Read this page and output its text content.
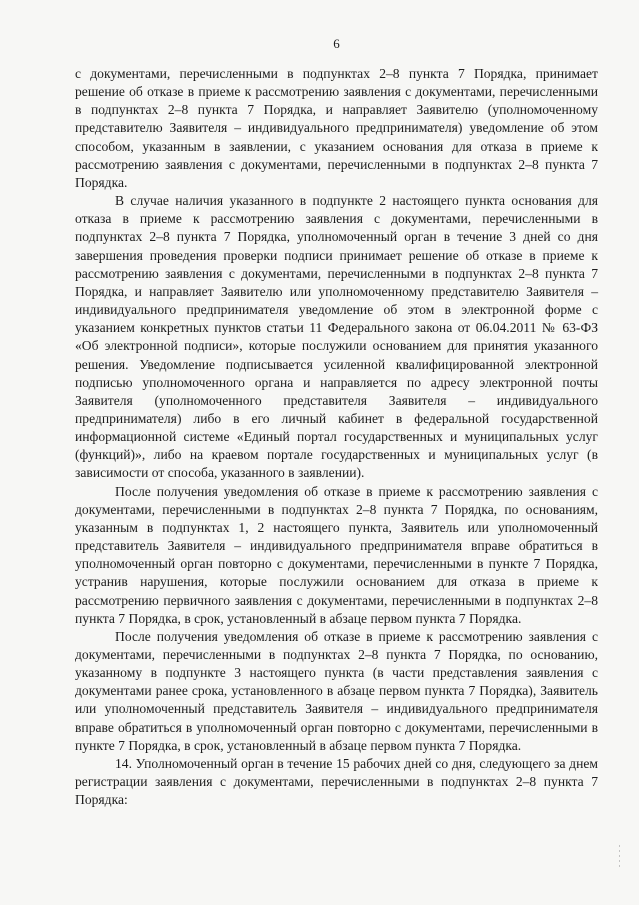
6

с документами, перечисленными в подпунктах 2–8 пункта 7 Порядка, принимает решение об отказе в приеме к рассмотрению заявления с документами, перечисленными в подпунктах 2–8 пункта 7 Порядка, и направляет Заявителю (уполномоченному представителю Заявителя – индивидуального предпринимателя) уведомление об этом способом, указанным в заявлении, с указанием основания для отказа в приеме к рассмотрению заявления с документами, перечисленными в подпунктах 2–8 пункта 7 Порядка.

В случае наличия указанного в подпункте 2 настоящего пункта основания для отказа в приеме к рассмотрению заявления с документами, перечисленными в подпунктах 2–8 пункта 7 Порядка, уполномоченный орган в течение 3 дней со дня завершения проведения проверки подписи принимает решение об отказе в приеме к рассмотрению заявления с документами, перечисленными в подпунктах 2–8 пункта 7 Порядка, и направляет Заявителю или уполномоченному представителю Заявителя – индивидуального предпринимателя уведомление об этом в электронной форме с указанием конкретных пунктов статьи 11 Федерального закона от 06.04.2011 № 63-ФЗ «Об электронной подписи», которые послужили основанием для принятия указанного решения. Уведомление подписывается усиленной квалифицированной электронной подписью уполномоченного органа и направляется по адресу электронной почты Заявителя (уполномоченного представителя Заявителя – индивидуального предпринимателя) либо в его личный кабинет в федеральной государственной информационной системе «Единый портал государственных и муниципальных услуг (функций)», либо на краевом портале государственных и муниципальных услуг (в зависимости от способа, указанного в заявлении).

После получения уведомления об отказе в приеме к рассмотрению заявления с документами, перечисленными в подпунктах 2–8 пункта 7 Порядка, по основаниям, указанным в подпунктах 1, 2 настоящего пункта, Заявитель или уполномоченный представитель Заявителя – индивидуального предпринимателя вправе обратиться в уполномоченный орган повторно с документами, перечисленными в пункте 7 Порядка, устранив нарушения, которые послужили основанием для отказа в приеме к рассмотрению первичного заявления с документами, перечисленными в подпунктах 2–8 пункта 7 Порядка, в срок, установленный в абзаце первом пункта 7 Порядка.

После получения уведомления об отказе в приеме к рассмотрению заявления с документами, перечисленными в подпунктах 2–8 пункта 7 Порядка, по основанию, указанному в подпункте 3 настоящего пункта (в части представления заявления с документами ранее срока, установленного в абзаце первом пункта 7 Порядка), Заявитель или уполномоченный представитель Заявителя – индивидуального предпринимателя вправе обратиться в уполномоченный орган повторно с документами, перечисленными в пункте 7 Порядка, в срок, установленный в абзаце первом пункта 7 Порядка.

14. Уполномоченный орган в течение 15 рабочих дней со дня, следующего за днем регистрации заявления с документами, перечисленными в подпунктах 2–8 пункта 7 Порядка:
